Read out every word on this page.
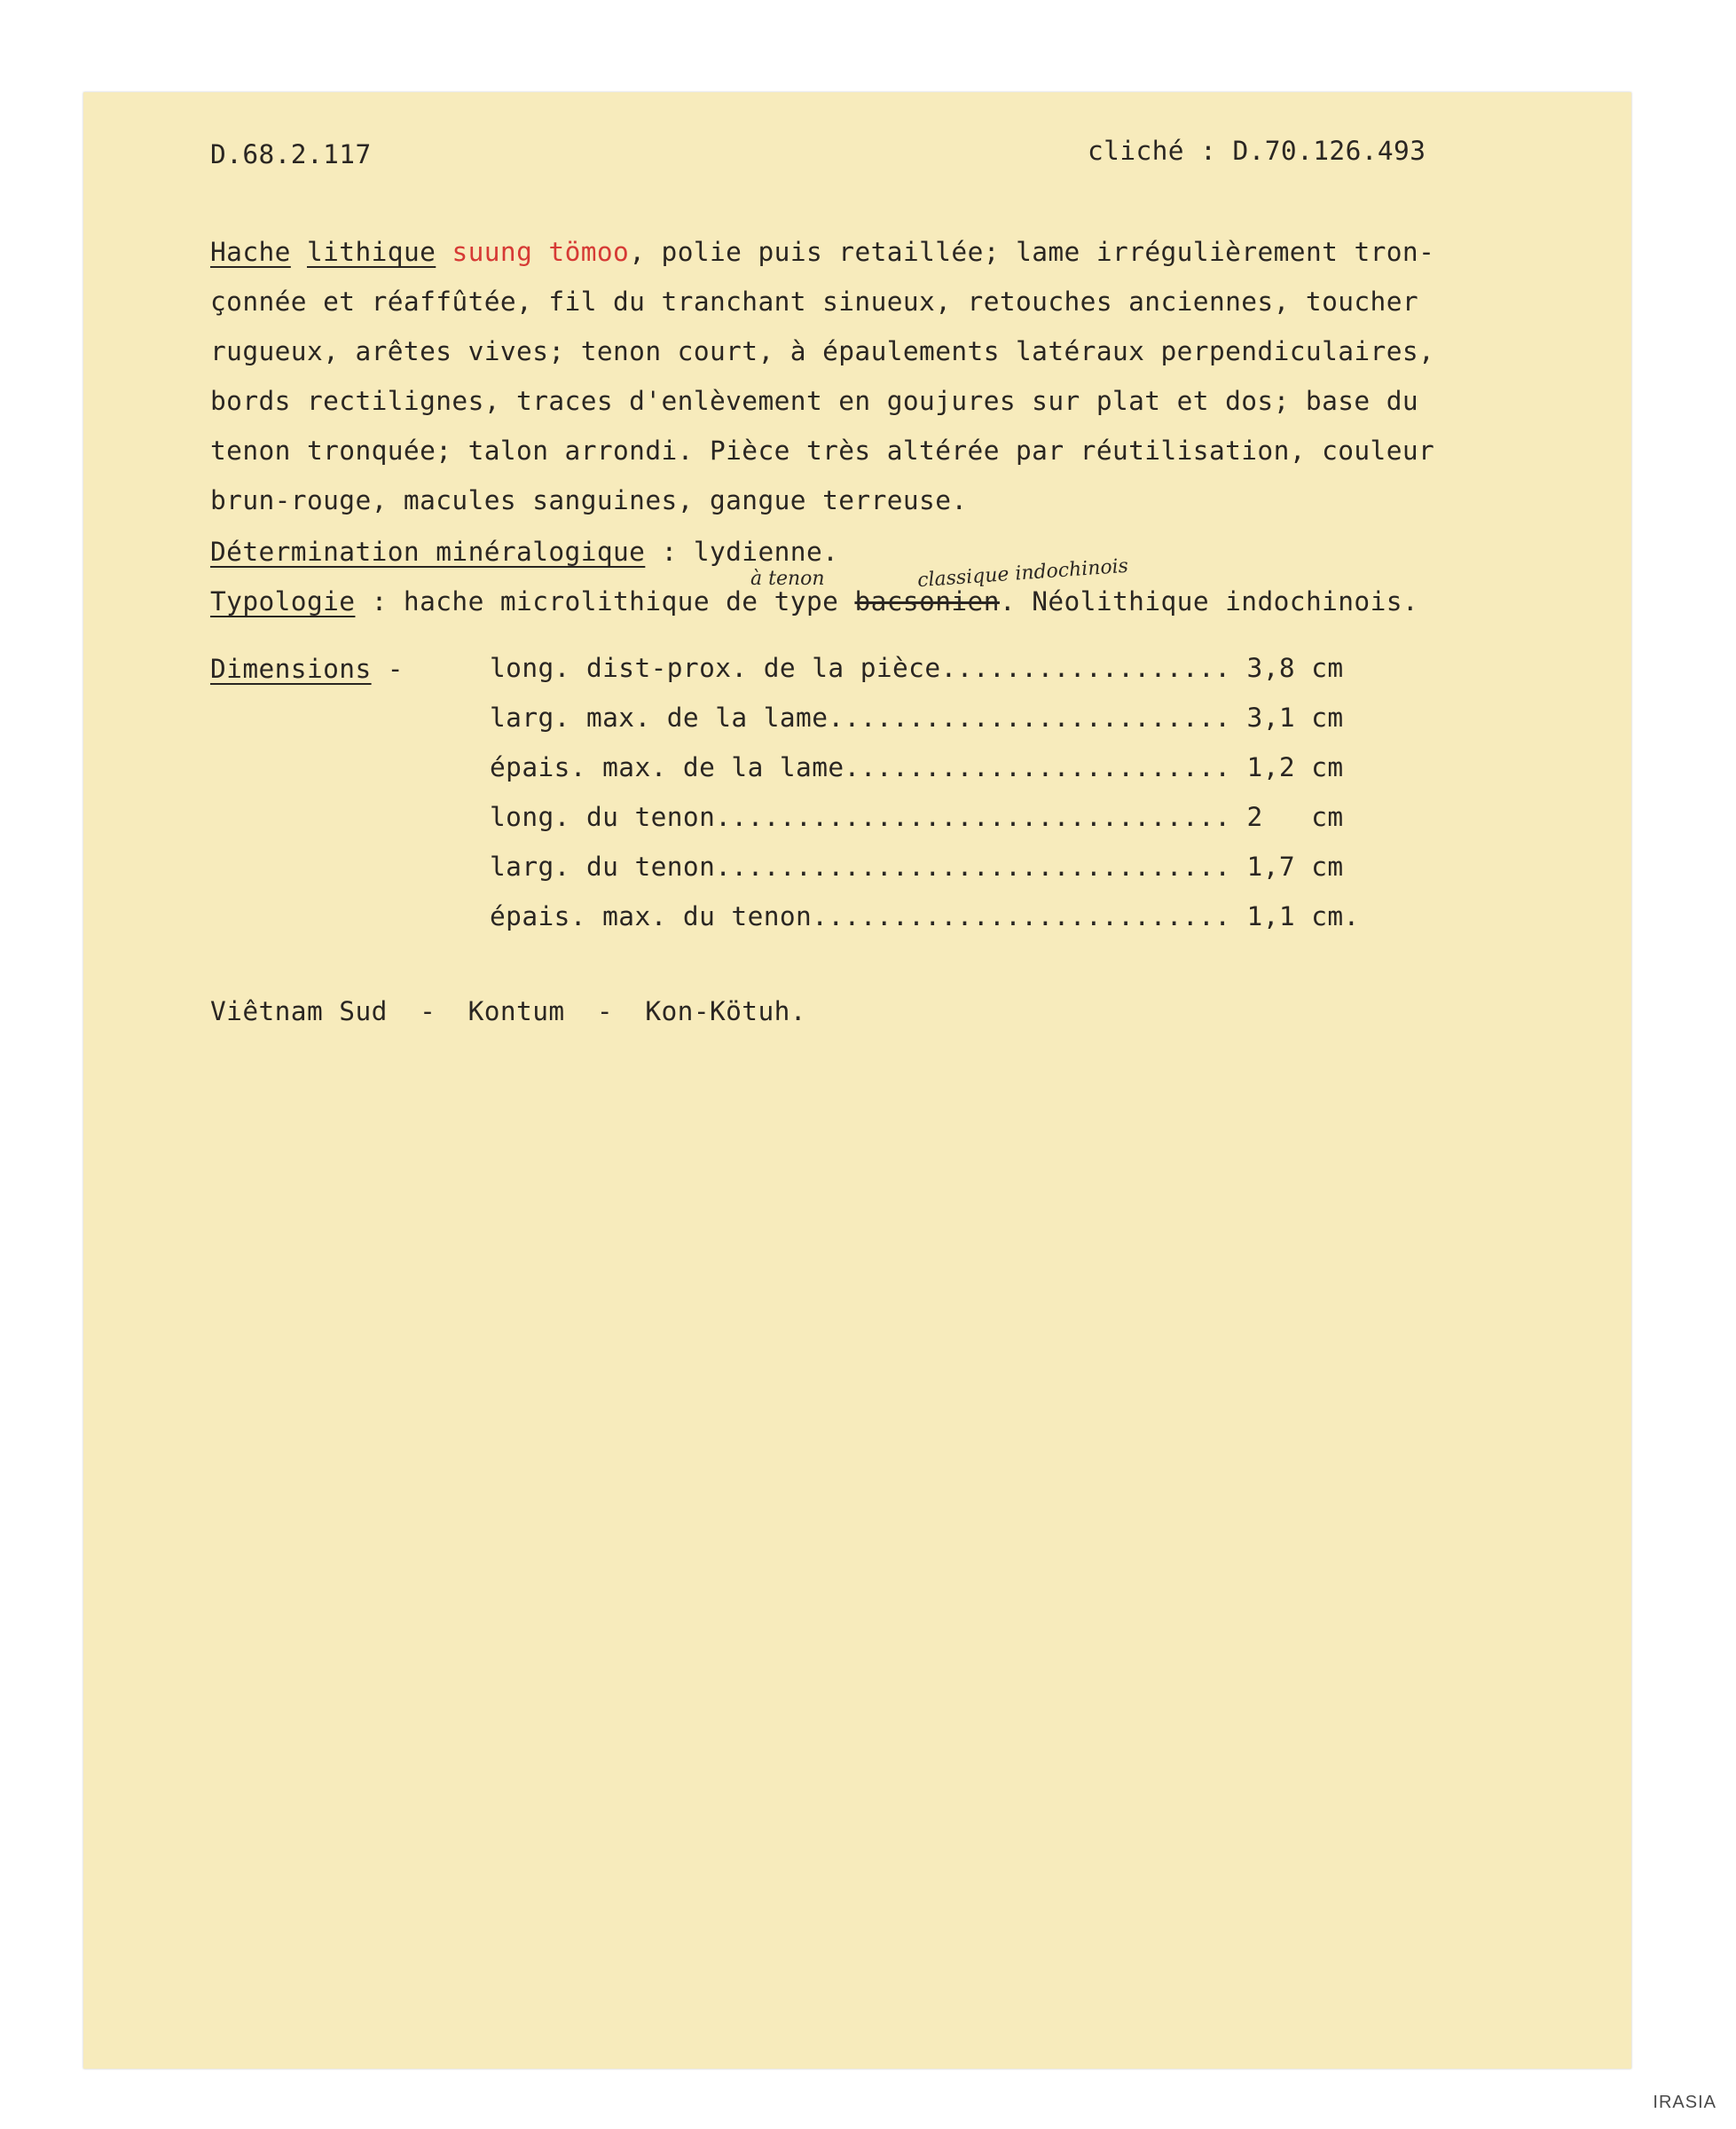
D.68.2.117	cliché : D.70.126.493
Hache lithique suung tömoo, polie puis retaillée; lame irrégulièrement tron-
çonnée et réaffûtée, fil du tranchant sinueux, retouches anciennes, toucher
rugueux, arêtes vives; tenon court, à épaulements latéraux perpendiculaires,
bords rectilignes, traces d'enlèvement en goujures sur plat et dos; base du
tenon tronquée; talon arrondi. Pièce très altérée par réutilisation, couleur
brun-rouge, macules sanguines, gangue terreuse.
Détermination minéralogique : lydienne.
à tenon	classique indochinois
Typologie : hache microlithique de type bacsonien. Néolithique indochinois.
Dimensions -	long. dist-prox. de la pièce.................. 3,8 cm
larg. max. de la lame......................... 3,1 cm
épais. max. de la lame........................ 1,2 cm
long. du tenon................................ 2   cm
larg. du tenon................................ 1,7 cm
épais. max. du tenon.......................... 1,1 cm.
Viêtnam Sud  -  Kontum  -  Kon-Kötuh.
IRASIA
